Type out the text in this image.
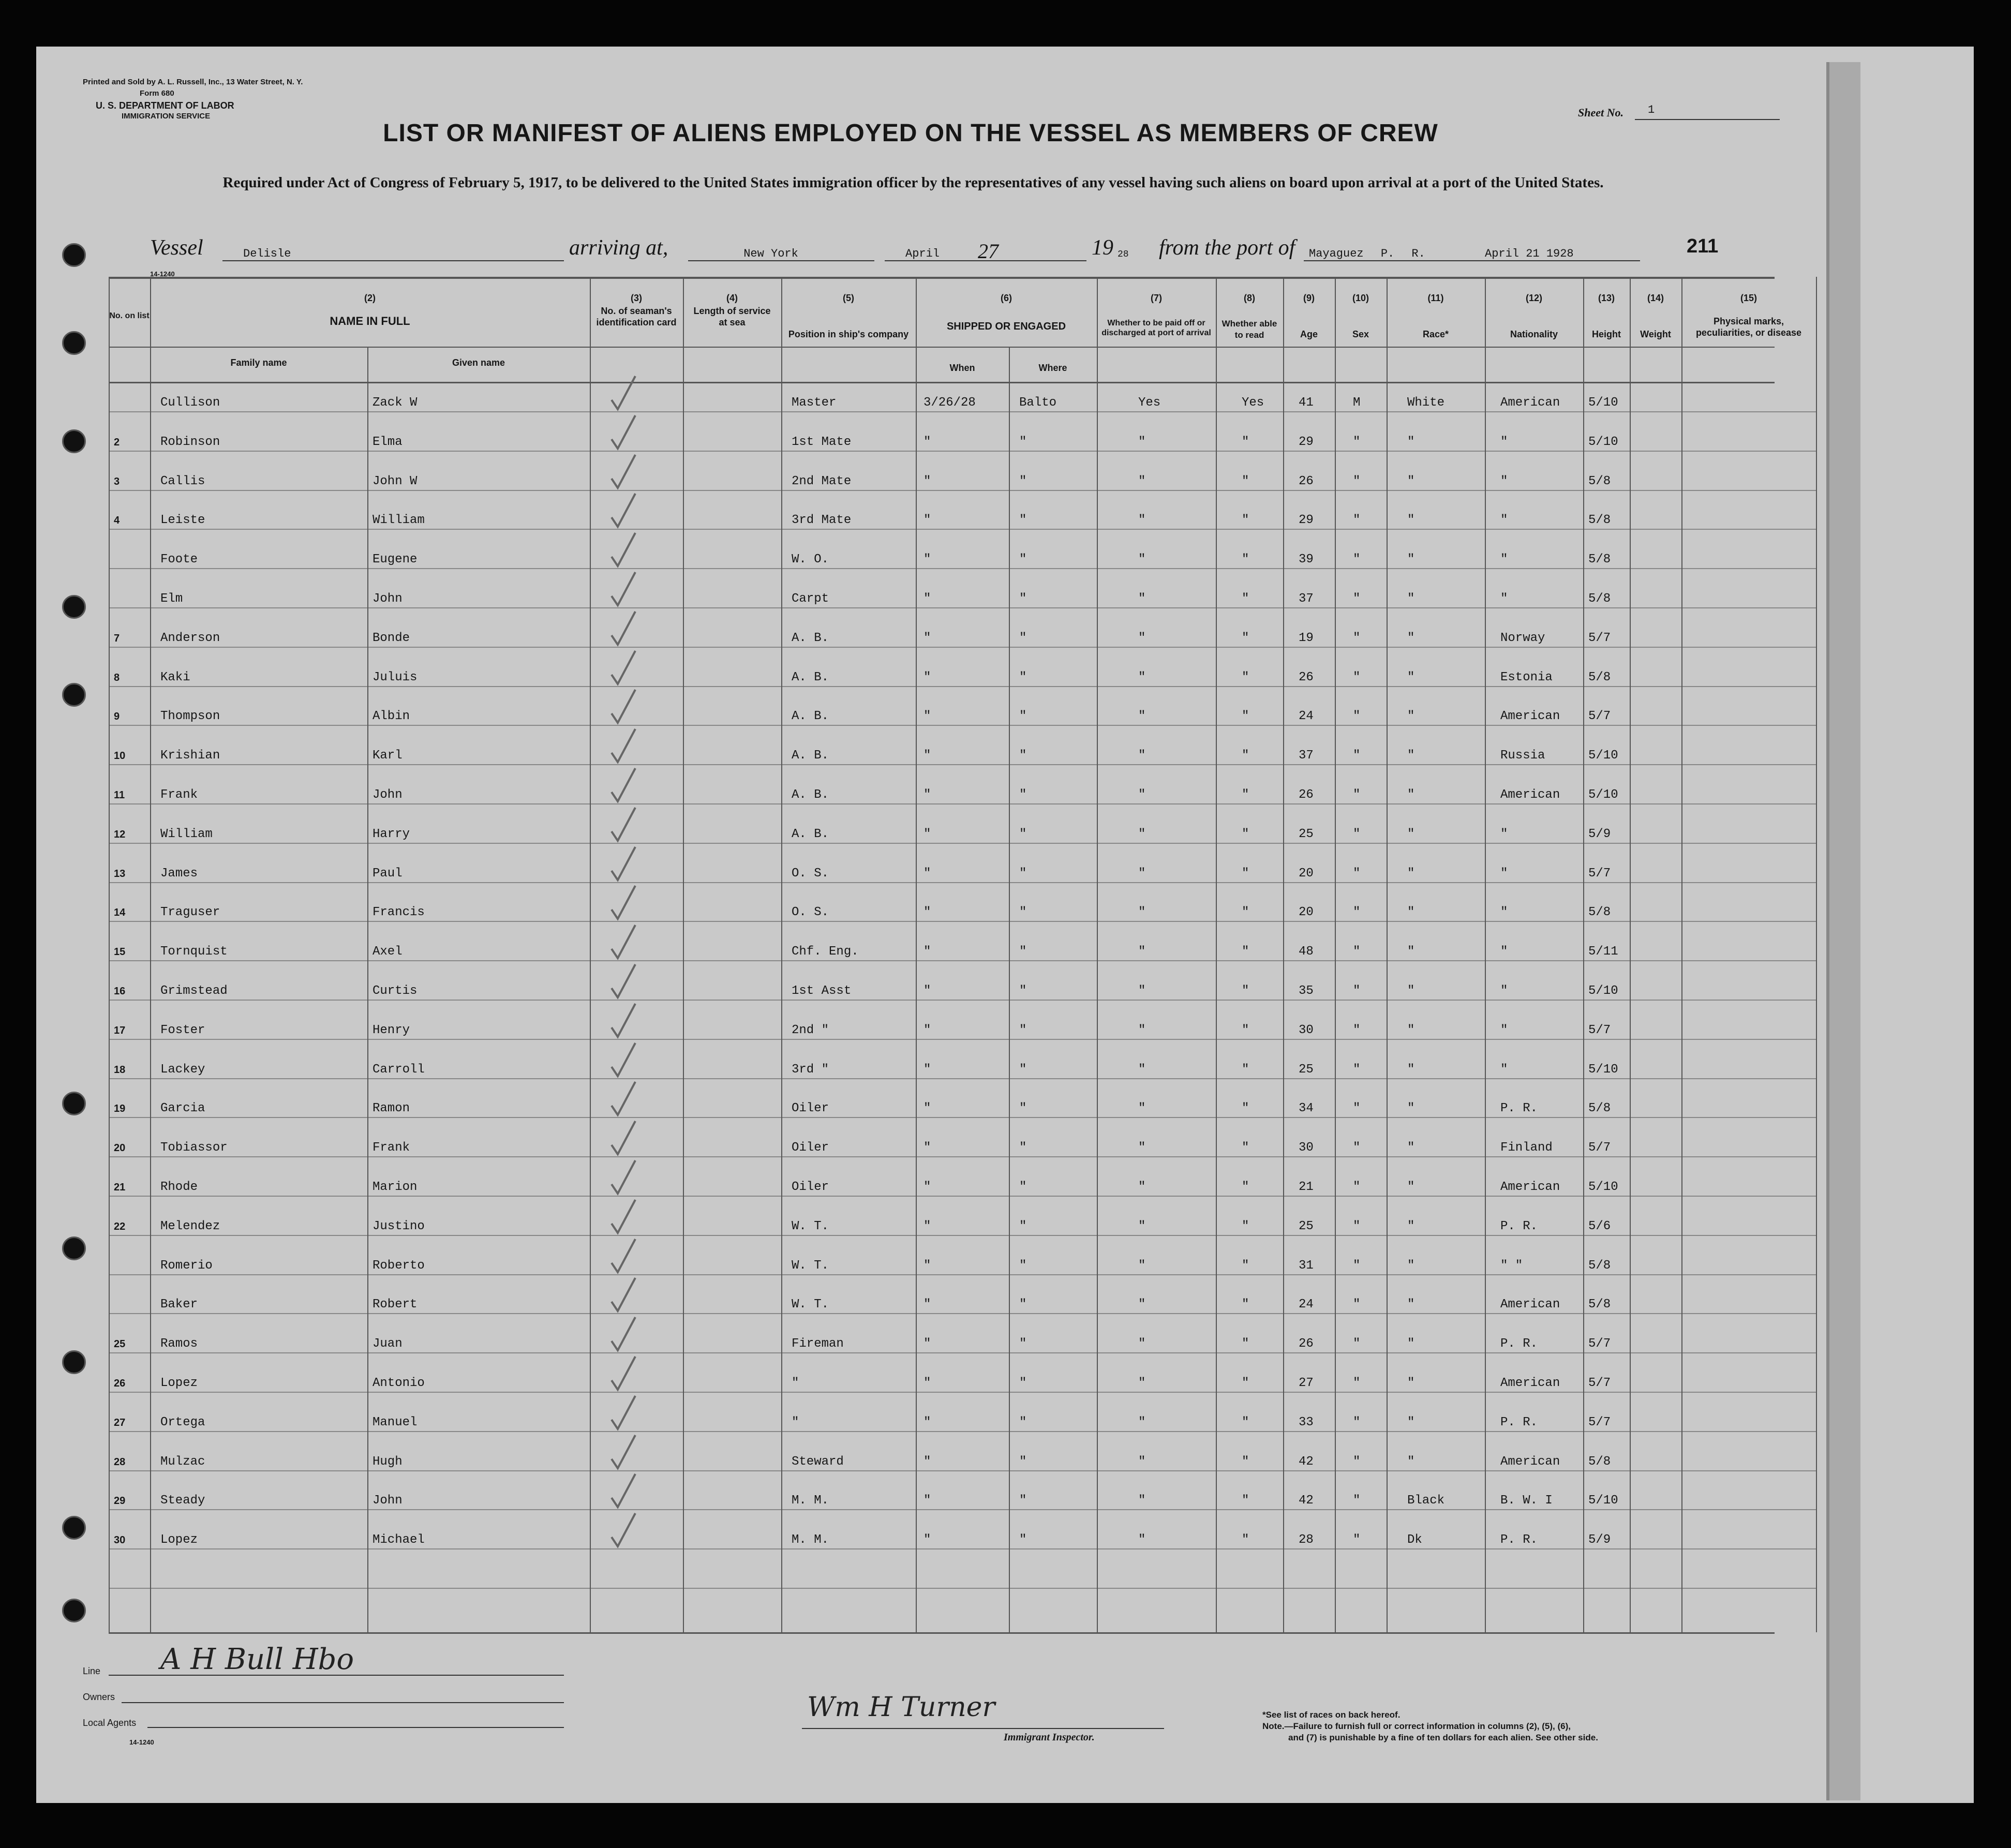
Printed and Sold by A. L. Russell, Inc., 13 Water Street, N. Y.
Form 680
U. S. DEPARTMENT OF LABOR
IMMIGRATION SERVICE	Sheet No. 1
LIST OR MANIFEST OF ALIENS EMPLOYED ON THE VESSEL AS MEMBERS OF CREW
Required under Act of Congress of February 5, 1917, to be delivered to the United States immigration officer by the representatives of any vessel having such aliens on board upon arrival at a port of the United States.
Vessel	Delisle	arriving at,	New York	April 27	19 28 from the port of Mayaguez P. R.	April 21 1928	211
14-1240
No. on list
(2)
NAME IN FULL
Family name	Given name
(3)
No. of seaman's identification card
(4)
Length of service at sea
(5)
Position in ship's company
(6)
SHIPPED OR ENGAGED
When	Where
(7)
Whether to be paid off or discharged at port of arrival
(8)
Whether able to read
(9)
Age
(10)
Sex
(11)
Race*
(12)
Nationality
(13)
Height
(14)
Weight
(15)
Physical marks, peculiarities, or disease
Cullison	Zack W	Master	3/26/28	Balto	Yes	Yes	41	M	White	American 5/10
2	Robinson	Elma	1st Mate	"	"	"	"	29	"	"	"	5/10
3	Callis	John W	2nd Mate	"	"	"	"	26	"	"	"	5/8
4	Leiste	William	3rd Mate	"	"	"	"	29	"	"	"	5/8
Foote	Eugene	W. O.	"	"	"	"	39	"	"	"	5/8
Elm	John	Carpt	"	"	"	"	37	"	"	"	5/8
7	Anderson	Bonde	A. B.	"	"	"	"	19	"	"	Norway	5/7
8	Kaki	Juluis	A. B.	"	"	"	"	26	"	"	Estonia	5/8
9	Thompson	Albin	A. B.	"	"	"	"	24	"	"	American 5/7
10	Krishian	Karl	A. B.	"	"	"	"	37	"	"	Russia	5/10
11	Frank	John	A. B.	"	"	"	"	26	"	"	American 5/10
12	William	Harry	A. B.	"	"	"	"	25	"	"	"	5/9
13	James	Paul	O. S.	"	"	"	"	20	"	"	"	5/7
14	Traguser	Francis	O. S.	"	"	"	"	20	"	"	"	5/8
15	Tornquist	Axel	Chf. Eng.	"	"	"	"	48	"	"	"	5/11
16	Grimstead	Curtis	1st Asst	"	"	"	"	35	"	"	"	5/10
17	Foster	Henry	2nd "	"	"	"	"	30	"	"	"	5/7
18	Lackey	Carroll	3rd "	"	"	"	"	25	"	"	"	5/10
19	Garcia	Ramon	Oiler	"	"	"	"	34	"	"	P. R.	5/8
20	Tobiassor	Frank	Oiler	"	"	"	"	30	"	"	Finland	5/7
21	Rhode	Marion	Oiler	"	"	"	"	21	"	"	American 5/10
22	Melendez	Justino	W. T.	"	"	"	"	25	"	"	P. R.	5/6
Romerio	Roberto	W. T.	"	"	"	"	31	"	"	" "	5/8
Baker	Robert	W. T.	"	"	"	"	24	"	"	American 5/8
25	Ramos	Juan	Fireman	"	"	"	"	26	"	"	P. R.	5/7
26	Lopez	Antonio	"	"	"	"	"	27	"	"	American 5/7
27	Ortega	Manuel	"	"	"	"	"	33	"	"	P. R.	5/7
28	Mulzac	Hugh	Steward	"	"	"	"	42	"	"	American 5/8
29	Steady	John	M. M.	"	"	"	"	42	"	Black	B. W. I	5/10
30	Lopez	Michael	M. M.	"	"	"	"	28	"	Dk	P. R.	5/9
Line A H Bull Hbo
Owners
Local Agents
14-1240
Wm H Turner
Immigrant Inspector.
*See list of races on back hereof.
Note.—Failure to furnish full or correct information in columns (2), (5), (6),
and (7) is punishable by a fine of ten dollars for each alien. See other side.
